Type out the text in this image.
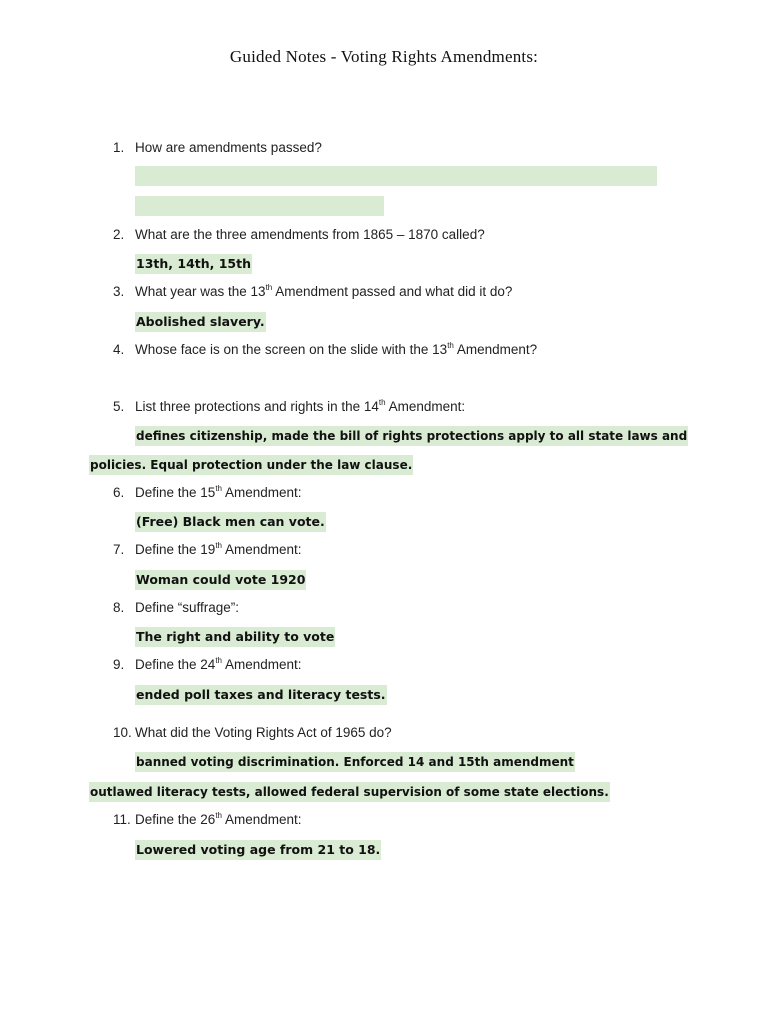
Guided Notes - Voting Rights Amendments:
1. How are amendments passed?
2. What are the three amendments from 1865 – 1870 called?
13th, 14th, 15th
3. What year was the 13th Amendment passed and what did it do?
Abolished slavery.
4. Whose face is on the screen on the slide with the 13th Amendment?
5. List three protections and rights in the 14th Amendment:
defines citizenship, made the bill of rights protections apply to all state laws and
policies. Equal protection under the law clause.
6. Define the 15th Amendment:
(Free) Black men can vote.
7. Define the 19th Amendment:
Woman could vote 1920
8. Define “suffrage”:
The right and ability to vote
9. Define the 24th Amendment:
ended poll taxes and literacy tests.
10. What did the Voting Rights Act of 1965 do?
banned voting discrimination. Enforced 14 and 15th amendment
outlawed literacy tests, allowed federal supervision of some state elections.
11. Define the 26th Amendment:
Lowered voting age from 21 to 18.
